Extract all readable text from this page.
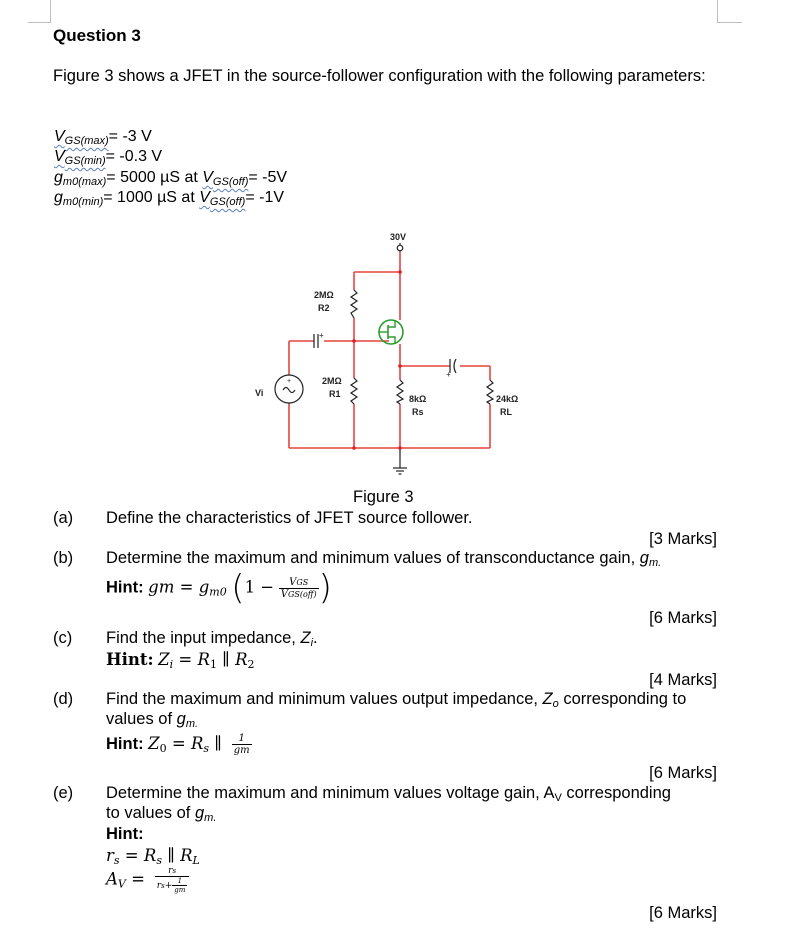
Question 3
Figure 3 shows a JFET in the source-follower configuration with the following parameters:
$V_{GS(max)}= -3$ V
$V_{GS(min)}= -0.3$ V
$g_{m0(max)}= 5000$ µS at $V_{GS(off)}= -5V$
$g_{m0(min)}= 1000$ µS at $V_{GS(off)}= -1V$
+
+
+
30V
2MΩ
R2
2MΩ
R1	8kΩ
Rs
24kΩ
RL
Vi
Figure 3
(a) Define the characteristics of JFET source follower.
[3 Marks]
(b) Determine the maximum and minimum values of transconductance gain, gm.
Hint: gm = gm0 ($1 - \frac{\text{VGS}}{\text{VGS(off)}}$ )
[6 Marks]
(c) Find the input impedance, Zi.
Hint: Zi = R1 ∥ R2
[4 Marks]
(d) Find the maximum and minimum values output impedance, Zo corresponding to
values of gm.
Hint: Z0 = Rs ∥ $\frac{1}{gm}$
[6 Marks]
(e) Determine the maximum and minimum values voltage gain, AV corresponding
to values of gm.
Hint:
rs = Rs ∥ RL
AV = $\frac{rs}{rs+ \frac{1}{gm}}$
[6 Marks]
